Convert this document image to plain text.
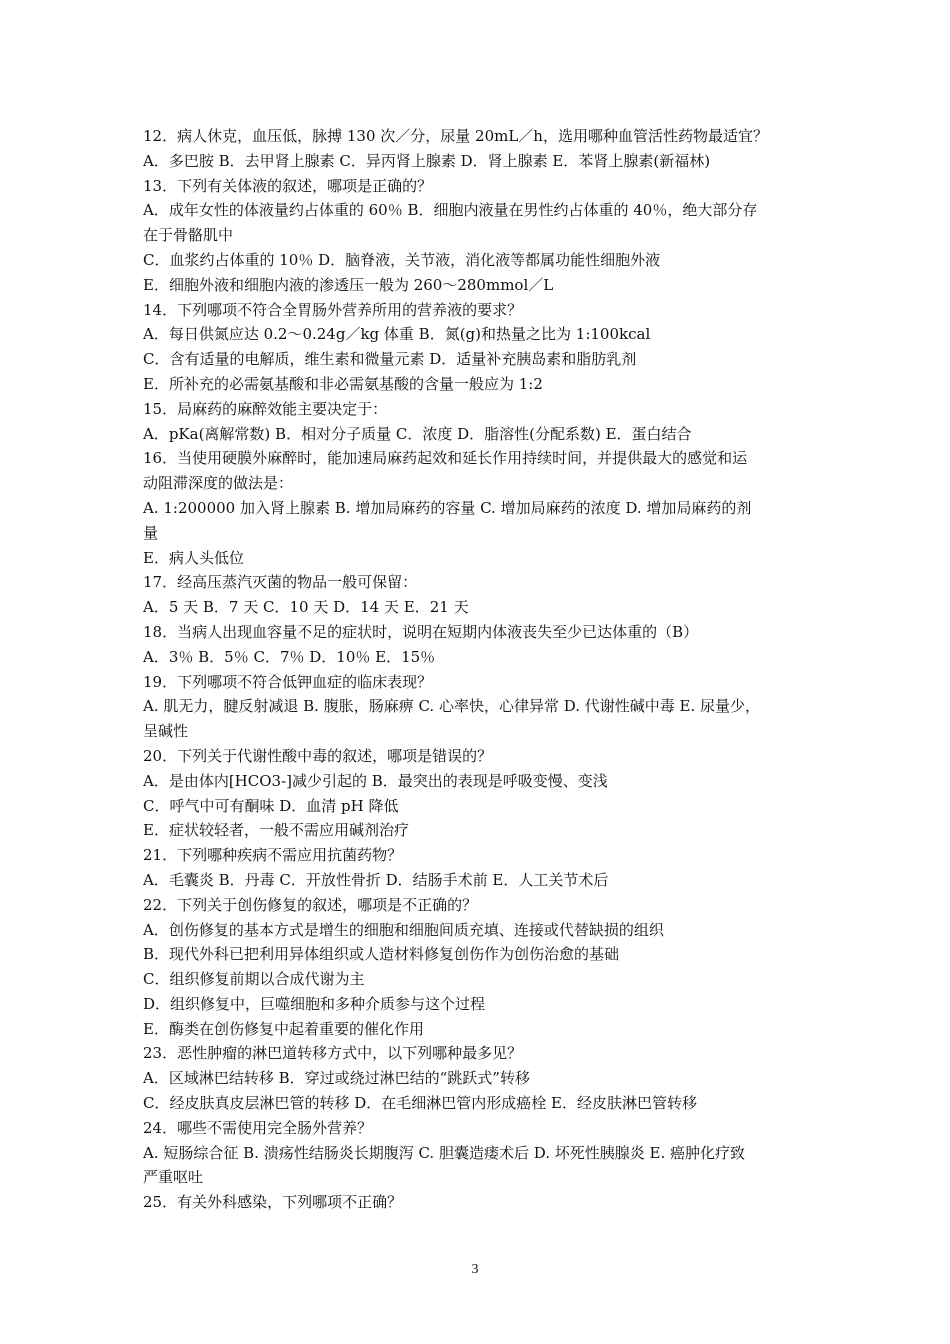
12．病人休克，血压低，脉搏 130 次／分，尿量 20mL／h，选用哪种血管活性药物最适宜？
A．多巴胺 B．去甲肾上腺素 C．异丙肾上腺素 D．肾上腺素 E．苯肾上腺素(新福林)
13．下列有关体液的叙述，哪项是正确的？
A．成年女性的体液量约占体重的 60％ B．细胞内液量在男性约占体重的 40％，绝大部分存
在于骨骼肌中
C．血浆约占体重的 10％ D．脑脊液，关节液，消化液等都属功能性细胞外液
E．细胞外液和细胞内液的渗透压一般为 260～280mmol／L
14．下列哪项不符合全胃肠外营养所用的营养液的要求？
A．每日供氮应达 0.2～0.24g／kg 体重 B．氮(g)和热量之比为 1:100kcal
C．含有适量的电解质，维生素和微量元素 D．适量补充胰岛素和脂肪乳剂
E．所补充的必需氨基酸和非必需氨基酸的含量一般应为 1:2
15．局麻药的麻醉效能主要决定于：
A．pKa(离解常数) B．相对分子质量 C．浓度 D．脂溶性(分配系数) E．蛋白结合
16．当使用硬膜外麻醉时，能加速局麻药起效和延长作用持续时间，并提供最大的感觉和运
动阻滞深度的做法是：
A. 1:200000 加入肾上腺素 B. 增加局麻药的容量 C. 增加局麻药的浓度 D. 增加局麻药的剂
量
E．病人头低位
17．经高压蒸汽灭菌的物品一般可保留：
A．5 天 B．7 天 C．10 天 D．14 天 E．21 天
18．当病人出现血容量不足的症状时，说明在短期内体液丧失至少已达体重的（B）
A．3％ B．5％ C．7％ D．10％ E．15％
19．下列哪项不符合低钾血症的临床表现？
A. 肌无力，腱反射减退 B. 腹胀，肠麻痹 C. 心率快，心律异常 D. 代谢性碱中毒 E. 尿量少，
呈碱性
20．下列关于代谢性酸中毒的叙述，哪项是错误的？
A．是由体内[HCO3-]减少引起的 B．最突出的表现是呼吸变慢、变浅
C．呼气中可有酮味 D．血清 pH 降低
E．症状较轻者，一般不需应用碱剂治疗
21．下列哪种疾病不需应用抗菌药物？
A．毛囊炎 B．丹毒 C．开放性骨折 D．结肠手术前 E．人工关节术后
22．下列关于创伤修复的叙述，哪项是不正确的？
A．创伤修复的基本方式是增生的细胞和细胞间质充填、连接或代替缺损的组织
B．现代外科已把利用异体组织或人造材料修复创伤作为创伤治愈的基础
C．组织修复前期以合成代谢为主
D．组织修复中，巨噬细胞和多种介质参与这个过程
E．酶类在创伤修复中起着重要的催化作用
23．恶性肿瘤的淋巴道转移方式中，以下列哪种最多见？
A．区域淋巴结转移 B．穿过或绕过淋巴结的“跳跃式”转移
C．经皮肤真皮层淋巴管的转移 D．在毛细淋巴管内形成癌栓 E．经皮肤淋巴管转移
24．哪些不需使用完全肠外营养？
A. 短肠综合征 B. 溃疡性结肠炎长期腹泻 C. 胆囊造瘘术后 D. 坏死性胰腺炎 E. 癌肿化疗致
严重呕吐
25．有关外科感染，下列哪项不正确？
3
